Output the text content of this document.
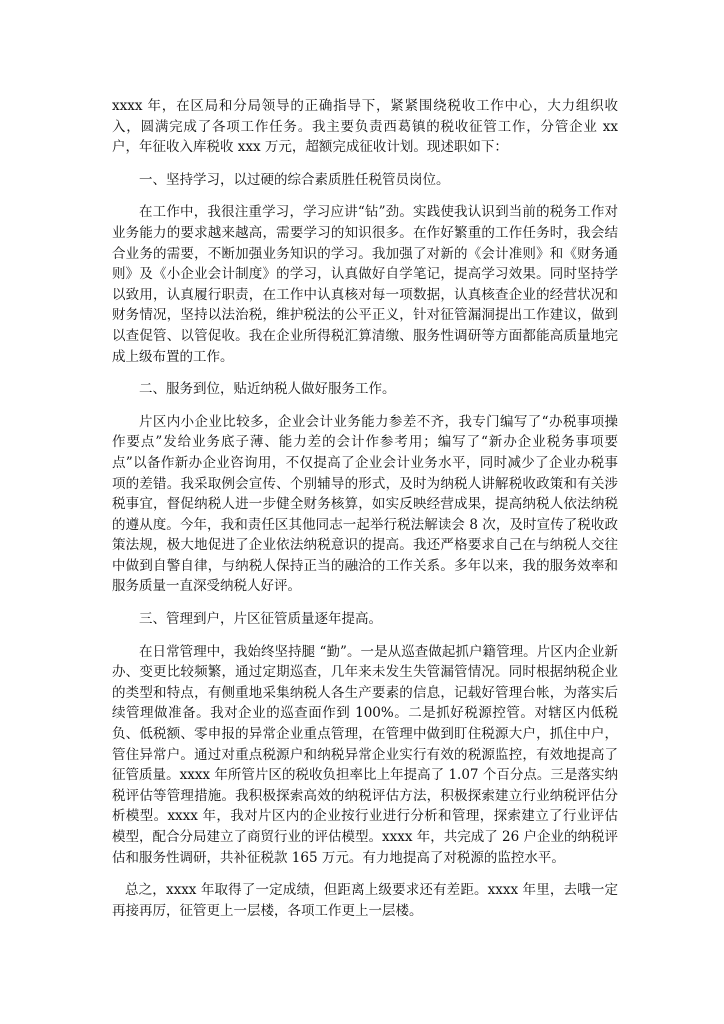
xxxx 年，在区局和分局领导的正确指导下，紧紧围绕税收工作中心，大力组织收入，圆满完成了各项工作任务。我主要负责西葛镇的税收征管工作，分管企业 xx 户，年征收入库税收 xxx 万元，超额完成征收计划。现述职如下：

一、坚持学习，以过硬的综合素质胜任税管员岗位。

在工作中，我很注重学习，学习应讲“钻”劲。实践使我认识到当前的税务工作对业务能力的要求越来越高，需要学习的知识很多。在作好繁重的工作任务时，我会结合业务的需要，不断加强业务知识的学习。我加强了对新的《会计准则》和《财务通则》及《小企业会计制度》的学习，认真做好自学笔记，提高学习效果。同时坚持学以致用，认真履行职责，在工作中认真核对每一项数据，认真核查企业的经营状况和财务情况，坚持以法治税，维护税法的公平正义，针对征管漏洞提出工作建议，做到以查促管、以管促收。我在企业所得税汇算清缴、服务性调研等方面都能高质量地完成上级布置的工作。

二、服务到位，贴近纳税人做好服务工作。

片区内小企业比较多，企业会计业务能力参差不齐，我专门编写了“办税事项操作要点”发给业务底子薄、能力差的会计作参考用；编写了“新办企业税务事项要点”以备作新办企业咨询用，不仅提高了企业会计业务水平，同时减少了企业办税事项的差错。我采取例会宣传、个别辅导的形式，及时为纳税人讲解税收政策和有关涉税事宜，督促纳税人进一步健全财务核算，如实反映经营成果，提高纳税人依法纳税的遵从度。今年，我和责任区其他同志一起举行税法解读会 8 次，及时宣传了税收政策法规，极大地促进了企业依法纳税意识的提高。我还严格要求自己在与纳税人交往中做到自警自律，与纳税人保持正当的融洽的工作关系。多年以来，我的服务效率和服务质量一直深受纳税人好评。

三、管理到户，片区征管质量逐年提高。

在日常管理中，我始终坚持腿 “勤”。一是从巡查做起抓户籍管理。片区内企业新办、变更比较频繁，通过定期巡查，几年来未发生失管漏管情况。同时根据纳税企业的类型和特点，有侧重地采集纳税人各生产要素的信息，记载好管理台帐，为落实后续管理做准备。我对企业的巡查面作到 100%。二是抓好税源控管。对辖区内低税负、低税额、零申报的异常企业重点管理，在管理中做到盯住税源大户，抓住中户，管住异常户。通过对重点税源户和纳税异常企业实行有效的税源监控，有效地提高了征管质量。xxxx 年所管片区的税收负担率比上年提高了 1.07 个百分点。三是落实纳税评估等管理措施。我积极探索高效的纳税评估方法，积极探索建立行业纳税评估分析模型。xxxx 年，我对片区内的企业按行业进行分析和管理，探索建立了行业评估模型，配合分局建立了商贸行业的评估模型。xxxx 年，共完成了 26 户企业的纳税评估和服务性调研，共补征税款 165 万元。有力地提高了对税源的监控水平。

总之，xxxx 年取得了一定成绩，但距离上级要求还有差距。xxxx 年里，去哦一定再接再厉，征管更上一层楼，各项工作更上一层楼。
